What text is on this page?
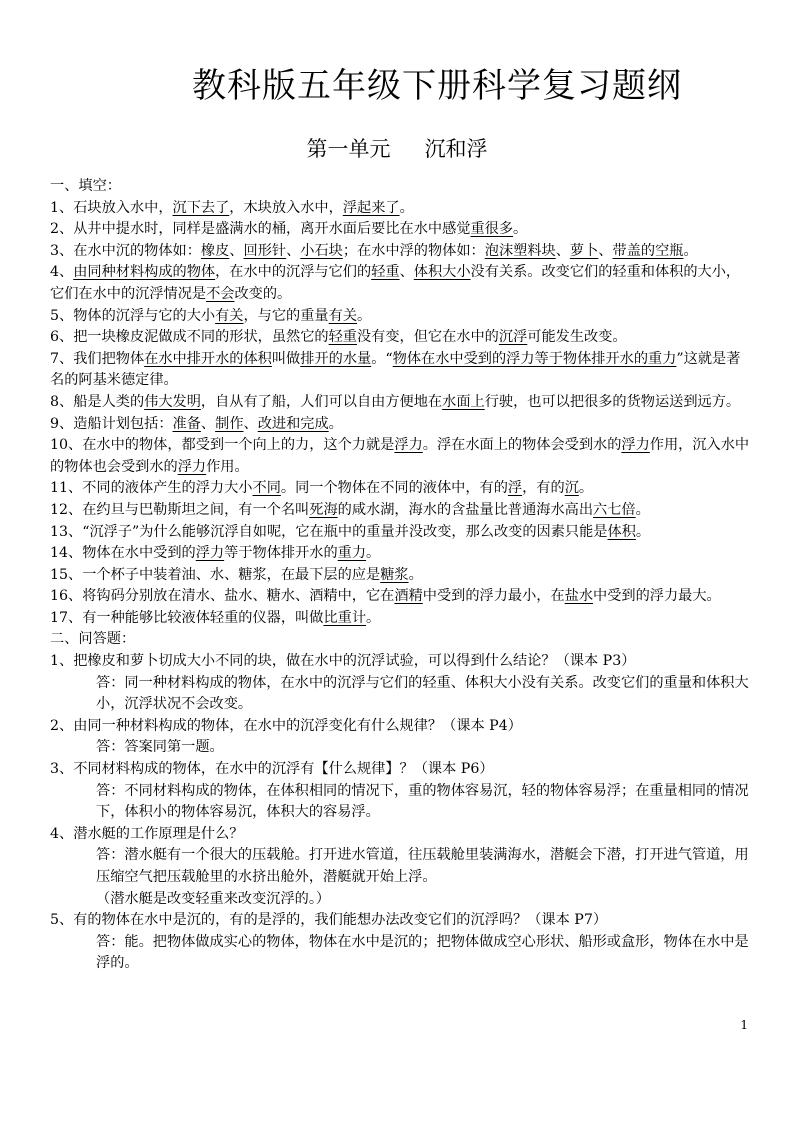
教科版五年级下册科学复习题纲
第一单元 沉和浮

一、填空：

1、石块放入水中，沉下去了，木块放入水中，浮起来了。

2、从井中提水时，同样是盛满水的桶，离开水面后要比在水中感觉重很多。

3、在水中沉的物体如：橡皮、回形针、小石块；在水中浮的物体如：泡沫塑料块、萝卜、带盖的空瓶。

4、由同种材料构成的物体，在水中的沉浮与它们的轻重、体积大小没有关系。改变它们的轻重和体积的大小，它们在水中的沉浮情况是不会改变的。

5、物体的沉浮与它的大小有关，与它的重量有关。

6、把一块橡皮泥做成不同的形状，虽然它的轻重没有变，但它在水中的沉浮可能发生改变。

7、我们把物体在水中排开水的体积叫做排开的水量。“物体在水中受到的浮力等于物体排开水的重力”这就是著名的阿基米德定律。

8、船是人类的伟大发明，自从有了船，人们可以自由方便地在水面上行驶，也可以把很多的货物运送到远方。

9、造船计划包括：准备、制作、改进和完成。

10、在水中的物体，都受到一个向上的力，这个力就是浮力。浮在水面上的物体会受到水的浮力作用，沉入水中的物体也会受到水的浮力作用。

11、不同的液体产生的浮力大小不同。同一个物体在不同的液体中，有的浮，有的沉。

12、在约旦与巴勒斯坦之间，有一个名叫死海的咸水湖，海水的含盐量比普通海水高出六七倍。

13、“沉浮子”为什么能够沉浮自如呢，它在瓶中的重量并没改变，那么改变的因素只能是体积。

14、物体在水中受到的浮力等于物体排开水的重力。

15、一个杯子中装着油、水、糖浆，在最下层的应是糖浆。

16、将钩码分别放在清水、盐水、糖水、酒精中，它在酒精中受到的浮力最小，在盐水中受到的浮力最大。

17、有一种能够比较液体轻重的仪器，叫做比重计。

二、问答题：

1、把橡皮和萝卜切成大小不同的块，做在水中的沉浮试验，可以得到什么结论？（课本 P3）

答：同一种材料构成的物体，在水中的沉浮与它们的轻重、体积大小没有关系。改变它们的重量和体积大小，沉浮状况不会改变。

2、由同一种材料构成的物体，在水中的沉浮变化有什么规律？（课本 P4）

答：答案同第一题。

3、不同材料构成的物体，在水中的沉浮有【什么规律】？（课本 P6）

答：不同材料构成的物体，在体积相同的情况下，重的物体容易沉，轻的物体容易浮；在重量相同的情况下，体积小的物体容易沉，体积大的容易浮。

4、潜水艇的工作原理是什么？

答：潜水艇有一个很大的压载舱。打开进水管道，往压载舱里装满海水，潜艇会下潜，打开进气管道，用压缩空气把压载舱里的水挤出舱外，潜艇就开始上浮。

（潜水艇是改变轻重来改变沉浮的。）

5、有的物体在水中是沉的，有的是浮的，我们能想办法改变它们的沉浮吗？（课本 P7）

答：能。把物体做成实心的物体，物体在水中是沉的；把物体做成空心形状、船形或盒形，物体在水中是浮的。

1
